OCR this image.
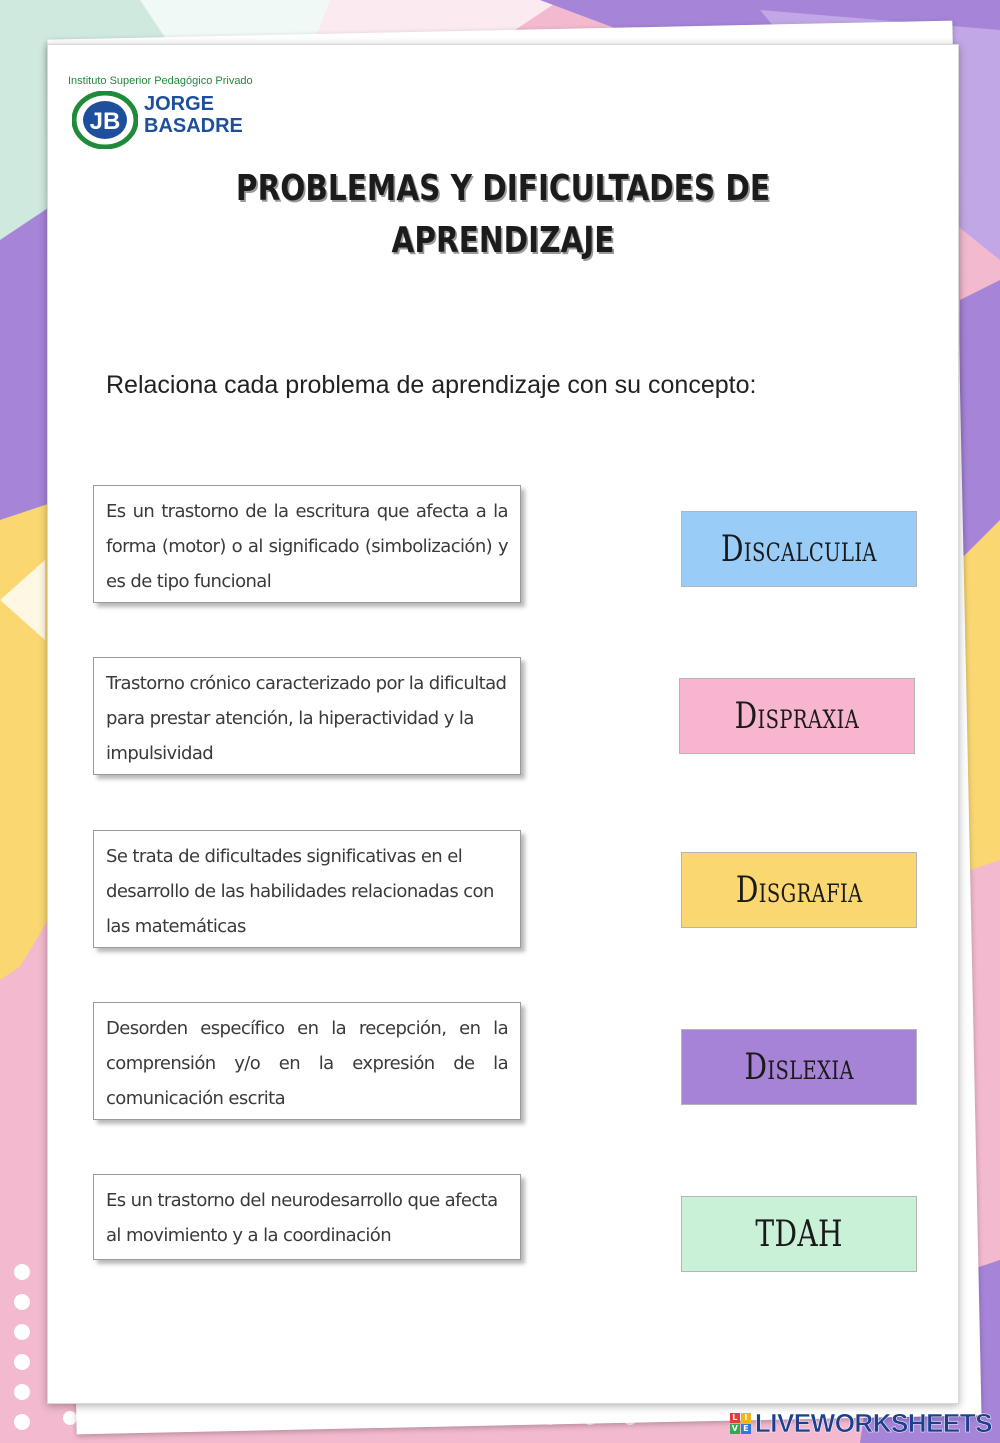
Instituto Superior Pedagógico Privado
JB
JORGE
BASADRE
PROBLEMAS Y DIFICULTADES DE
APRENDIZAJE
Relaciona cada problema de aprendizaje con su concepto:
Es un trastorno de la escritura que afecta a la forma (motor) o al significado (simbolización) y es de tipo funcional
Trastorno crónico caracterizado por la dificultad para prestar atención, la hiperactividad y la impulsividad
Se trata de dificultades significativas en el desarrollo de las habilidades relacionadas con las matemáticas
Desorden específico en la recepción, en la comprensión y/o en la expresión de la comunicación escrita
Es un trastorno del neurodesarrollo que afecta al movimiento y a la coordinación
Discalculia
Dispraxia
Disgrafia
Dislexia
TDAH
L I
V E LIVEWORKSHEETS
